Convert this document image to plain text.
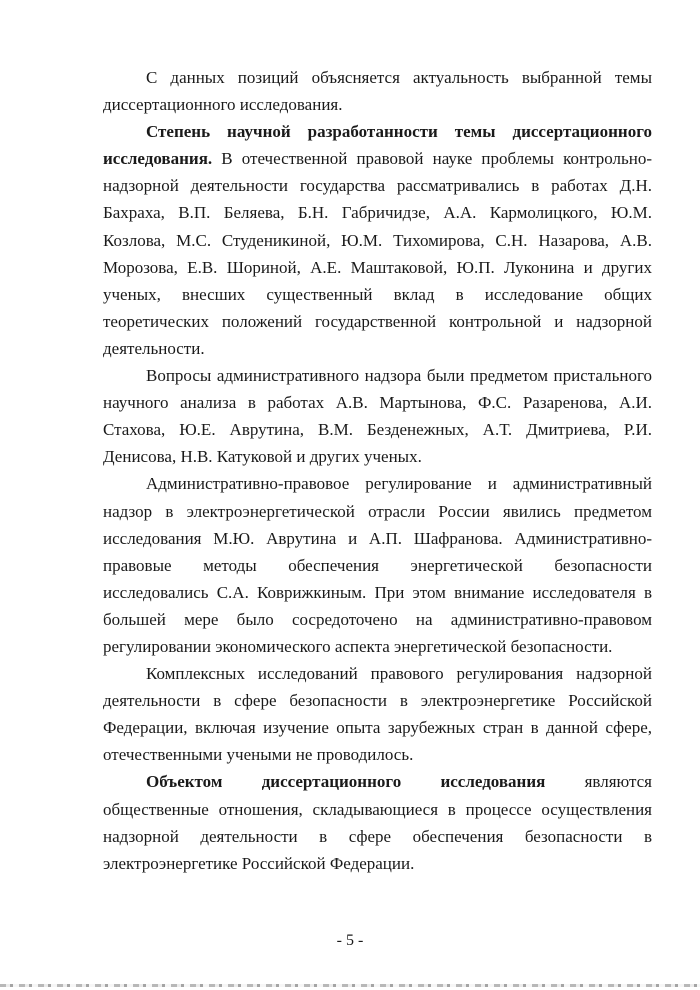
С данных позиций объясняется актуальность выбранной темы диссертационного исследования.

Степень научной разработанности темы диссертационного исследования. В отечественной правовой науке проблемы контрольно-надзорной деятельности государства рассматривались в работах Д.Н. Бахраха, В.П. Беляева, Б.Н. Габричидзе, А.А. Кармолицкого, Ю.М. Козлова, М.С. Студеникиной, Ю.М. Тихомирова, С.Н. Назарова, А.В. Морозова, Е.В. Шориной, А.Е. Маштаковой, Ю.П. Луконина и других ученых, внесших существенный вклад в исследование общих теоретических положений государственной контрольной и надзорной деятельности.

Вопросы административного надзора были предметом пристального научного анализа в работах А.В. Мартынова, Ф.С. Разаренова, А.И. Стахова, Ю.Е. Аврутина, В.М. Безденежных, А.Т. Дмитриева, Р.И. Денисова, Н.В. Катуковой и других ученых.

Административно-правовое регулирование и административный надзор в электроэнергетической отрасли России явились предметом исследования М.Ю. Аврутина и А.П. Шафранова. Административно-правовые методы обеспечения энергетической безопасности исследовались С.А. Коврижкиным. При этом внимание исследователя в большей мере было сосредоточено на административно-правовом регулировании экономического аспекта энергетической безопасности.

Комплексных исследований правового регулирования надзорной деятельности в сфере безопасности в электроэнергетике Российской Федерации, включая изучение опыта зарубежных стран в данной сфере, отечественными учеными не проводилось.

Объектом диссертационного исследования являются общественные отношения, складывающиеся в процессе осуществления надзорной деятельности в сфере обеспечения безопасности в электроэнергетике Российской Федерации.

- 5 -
